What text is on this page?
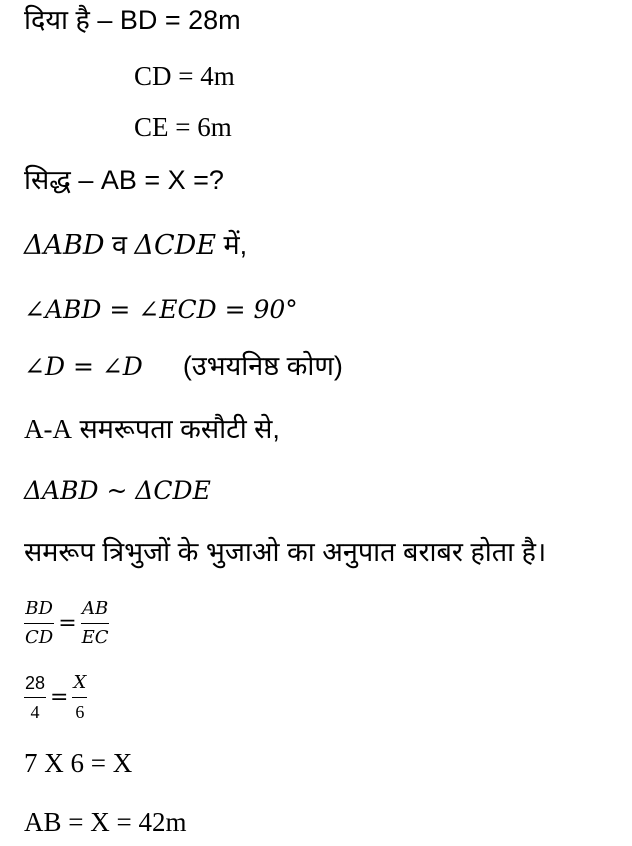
दिया है – BD = 28m
CD = 4m
CE = 6m
सिद्ध – AB = X =?
ΔABD व ΔCDE में,
∠ABD = ∠ECD = 90°
∠D = ∠D (उभयनिष्ठ कोण)
A-A समरूपता कसौटी से,
ΔABD ~ ΔCDE
समरूप त्रिभुजों के भुजाओ का अनुपात बराबर होता है।
$\frac{BD}{CD} = \frac{AB}{EC}$
$\frac{28}{4} = \frac{X}{6}$
7 X 6 = X
AB = X = 42m
